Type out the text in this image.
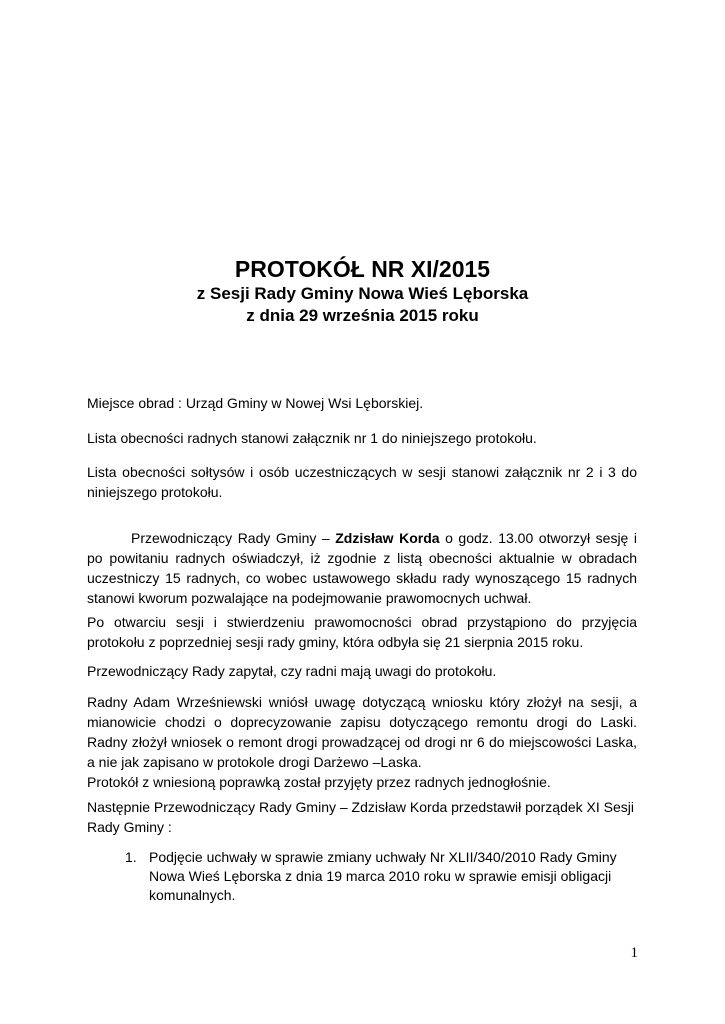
PROTOKÓŁ NR XI/2015
z Sesji Rady Gminy Nowa Wieś Lęborska
z dnia 29 września 2015 roku

Miejsce obrad : Urząd Gminy w Nowej Wsi Lęborskiej.

Lista obecności radnych stanowi załącznik nr 1 do niniejszego protokołu.

Lista obecności sołtysów i osób uczestniczących w sesji stanowi załącznik nr 2 i 3 do niniejszego protokołu.

Przewodniczący Rady Gminy – Zdzisław Korda o godz. 13.00 otworzył sesję i po powitaniu radnych oświadczył, iż zgodnie z listą obecności aktualnie w obradach uczestniczy 15 radnych, co wobec ustawowego składu rady wynoszącego 15 radnych stanowi kworum pozwalające na podejmowanie prawomocnych uchwał.

Po otwarciu sesji i stwierdzeniu prawomocności obrad przystąpiono do przyjęcia protokołu z poprzedniej sesji rady gminy, która odbyła się 21 sierpnia 2015 roku.

Przewodniczący Rady zapytał, czy radni mają uwagi do protokołu.

Radny Adam Wrześniewski wniósł uwagę dotyczącą wniosku który złożył na sesji, a mianowicie chodzi o doprecyzowanie zapisu dotyczącego remontu drogi do Laski. Radny złożył wniosek o remont drogi prowadzącej od drogi nr 6 do miejscowości Laska, a nie jak zapisano w protokole drogi Darżewo –Laska.
Protokół z wniesioną poprawką został przyjęty przez radnych jednogłośnie.

Następnie Przewodniczący Rady Gminy – Zdzisław Korda przedstawił porządek XI Sesji Rady Gminy :

1. Podjęcie uchwały w sprawie zmiany uchwały Nr XLII/340/2010 Rady Gminy Nowa Wieś Lęborska z dnia 19 marca 2010 roku w sprawie emisji obligacji komunalnych.
1
